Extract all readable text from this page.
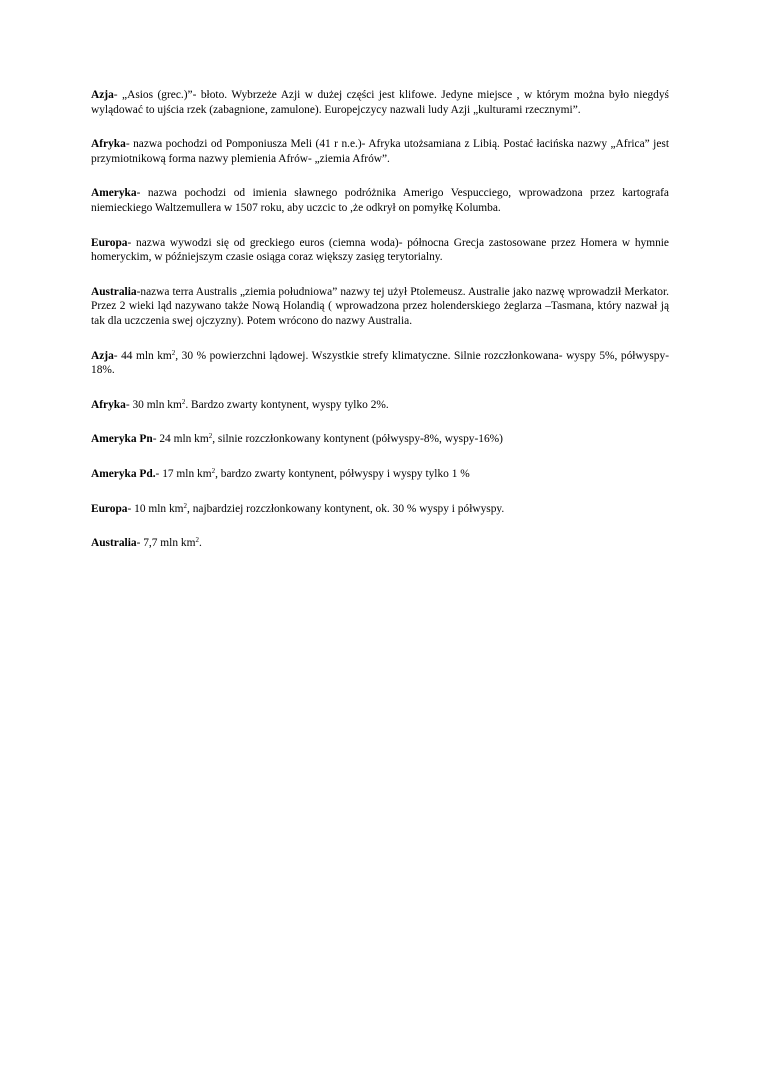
Azja- „Asios (grec.)”- błoto. Wybrzeże Azji w dużej części jest klifowe. Jedyne miejsce , w którym można było niegdyś wylądować to ujścia rzek (zabagnione, zamulone). Europejczycy nazwali ludy Azji „kulturami rzecznymi”.

Afryka- nazwa pochodzi od Pomponiusza Meli (41 r n.e.)- Afryka utożsamiana z Libią. Postać łacińska nazwy „Africa” jest przymiotnikową forma nazwy plemienia Afrów- „ziemia Afrów”.

Ameryka- nazwa pochodzi od imienia sławnego podróżnika Amerigo Vespucciego, wprowadzona przez kartografa niemieckiego Waltzemullera w 1507 roku, aby uczcic to ,że odkrył on pomyłkę Kolumba.

Europa- nazwa wywodzi się od greckiego euros (ciemna woda)- północna Grecja zastosowane przez Homera w hymnie homeryckim, w późniejszym czasie osiąga coraz większy zasięg terytorialny.

Australia-nazwa terra Australis „ziemia południowa” nazwy tej użył Ptolemeusz. Australie jako nazwę wprowadził Merkator. Przez 2 wieki ląd nazywano także Nową Holandią ( wprowadzona przez holenderskiego żeglarza –Tasmana, który nazwał ją tak dla uczczenia swej ojczyzny). Potem wrócono do nazwy Australia.

Azja- 44 mln $km^2$, 30 % powierzchni lądowej. Wszystkie strefy klimatyczne. Silnie rozczłonkowana- wyspy 5%, półwyspy-18%.

Afryka- 30 mln $km^2$. Bardzo zwarty kontynent, wyspy tylko 2%.

Ameryka Pn- 24 mln $km^2$, silnie rozczłonkowany kontynent (półwyspy-8%, wyspy-16%)

Ameryka Pd.- 17 mln $km^2$, bardzo zwarty kontynent, półwyspy i wyspy tylko 1 %

Europa- 10 mln $km^2$, najbardziej rozczłonkowany kontynent, ok. 30 % wyspy i półwyspy.

Australia- 7,7 mln $km^2$.
